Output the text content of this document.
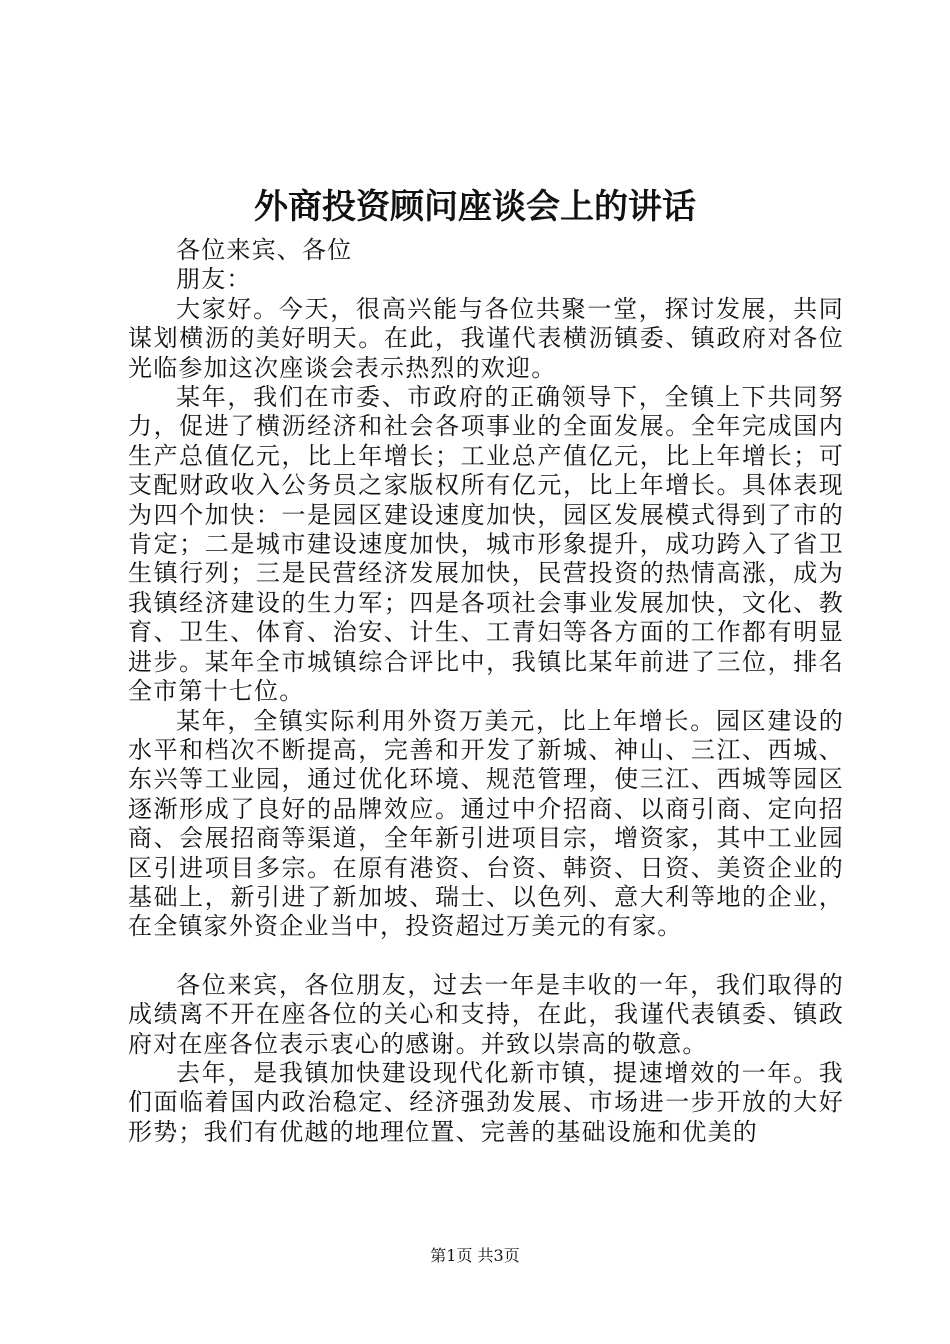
外商投资顾问座谈会上的讲话

各位来宾、各位

朋友：

大家好。今天，很高兴能与各位共聚一堂，探讨发展，共同谋划横沥的美好明天。在此，我谨代表横沥镇委、镇政府对各位光临参加这次座谈会表示热烈的欢迎。

某年，我们在市委、市政府的正确领导下，全镇上下共同努力，促进了横沥经济和社会各项事业的全面发展。全年完成国内生产总值亿元，比上年增长；工业总产值亿元，比上年增长；可支配财政收入公务员之家版权所有亿元，比上年增长。具体表现为四个加快：一是园区建设速度加快，园区发展模式得到了市的肯定；二是城市建设速度加快，城市形象提升，成功跨入了省卫生镇行列；三是民营经济发展加快，民营投资的热情高涨，成为我镇经济建设的生力军；四是各项社会事业发展加快，文化、教育、卫生、体育、治安、计生、工青妇等各方面的工作都有明显进步。某年全市城镇综合评比中，我镇比某年前进了三位，排名全市第十七位。

某年，全镇实际利用外资万美元，比上年增长。园区建设的水平和档次不断提高，完善和开发了新城、神山、三江、西城、东兴等工业园，通过优化环境、规范管理，使三江、西城等园区逐渐形成了良好的品牌效应。通过中介招商、以商引商、定向招商、会展招商等渠道，全年新引进项目宗，增资家，其中工业园区引进项目多宗。在原有港资、台资、韩资、日资、美资企业的基础上，新引进了新加坡、瑞士、以色列、意大利等地的企业，在全镇家外资企业当中，投资超过万美元的有家。

各位来宾，各位朋友，过去一年是丰收的一年，我们取得的成绩离不开在座各位的关心和支持，在此，我谨代表镇委、镇政府对在座各位表示衷心的感谢。并致以崇高的敬意。

去年，是我镇加快建设现代化新市镇，提速增效的一年。我们面临着国内政治稳定、经济强劲发展、市场进一步开放的大好形势；我们有优越的地理位置、完善的基础设施和优美的

第1页 共3页
